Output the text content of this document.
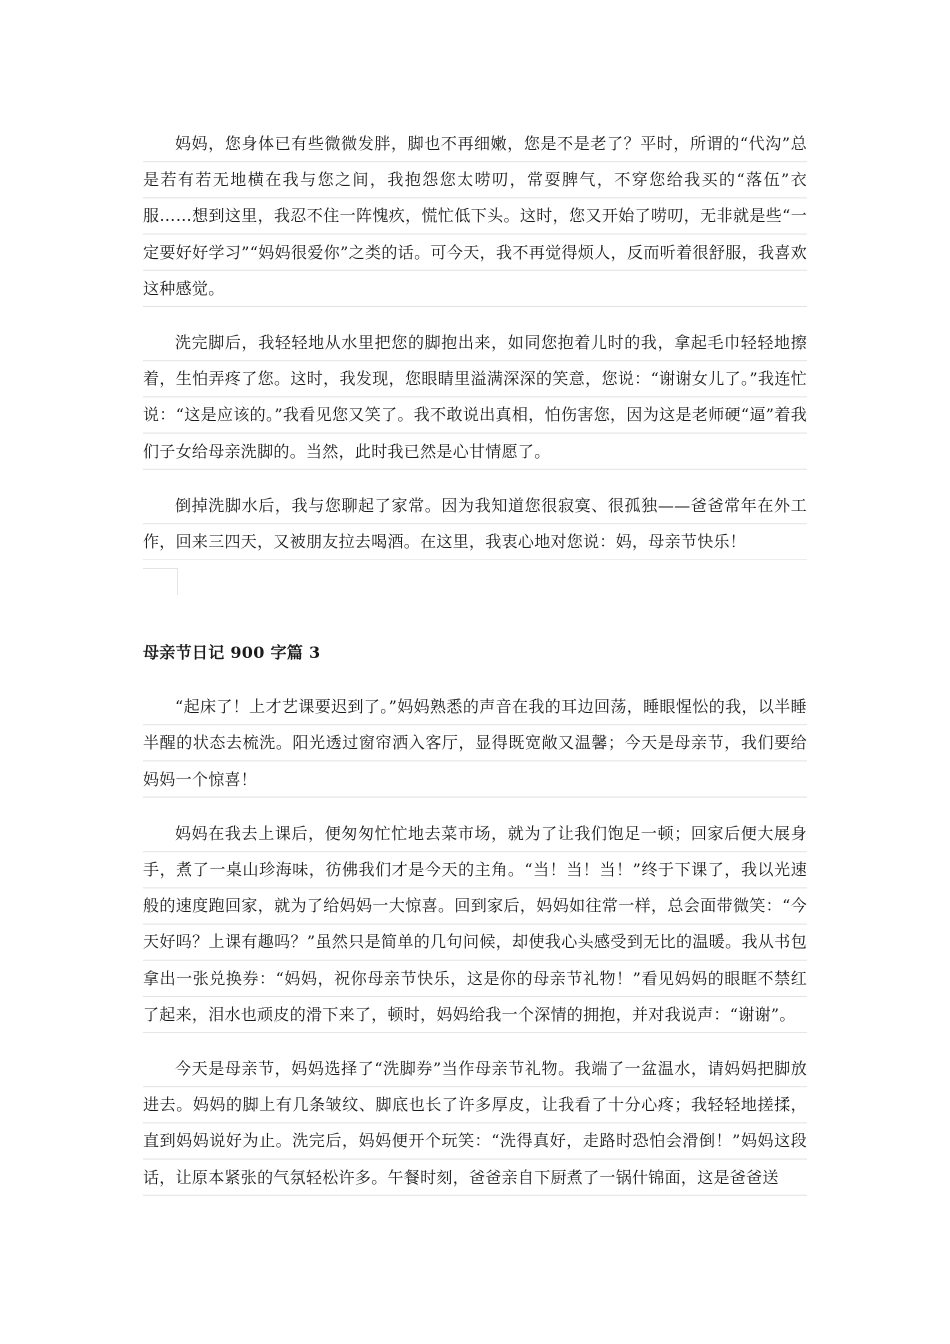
妈妈，您身体已有些微微发胖，脚也不再细嫩，您是不是老了？平时，所谓的“代沟”总是若有若无地横在我与您之间，我抱怨您太唠叨，常耍脾气，不穿您给我买的“落伍”衣服……想到这里，我忍不住一阵愧疚，慌忙低下头。这时，您又开始了唠叨，无非就是些“一定要好好学习”“妈妈很爱你”之类的话。可今天，我不再觉得烦人，反而听着很舒服，我喜欢这种感觉。

洗完脚后，我轻轻地从水里把您的脚抱出来，如同您抱着儿时的我，拿起毛巾轻轻地擦着，生怕弄疼了您。这时，我发现，您眼睛里溢满深深的笑意，您说：“谢谢女儿了。”我连忙说：“这是应该的。”我看见您又笑了。我不敢说出真相，怕伤害您，因为这是老师硬“逼”着我们子女给母亲洗脚的。当然，此时我已然是心甘情愿了。

倒掉洗脚水后，我与您聊起了家常。因为我知道您很寂寞、很孤独——爸爸常年在外工作，回来三四天，又被朋友拉去喝酒。在这里，我衷心地对您说：妈，母亲节快乐！

母亲节日记 900 字篇 3

“起床了！上才艺课要迟到了。”妈妈熟悉的声音在我的耳边回荡，睡眼惺忪的我，以半睡半醒的状态去梳洗。阳光透过窗帘洒入客厅，显得既宽敞又温馨；今天是母亲节，我们要给妈妈一个惊喜！

妈妈在我去上课后，便匆匆忙忙地去菜市场，就为了让我们饱足一顿；回家后便大展身手，煮了一桌山珍海味，彷佛我们才是今天的主角。“当！当！当！”终于下课了，我以光速般的速度跑回家，就为了给妈妈一大惊喜。回到家后，妈妈如往常一样，总会面带微笑：“今天好吗？上课有趣吗？”虽然只是简单的几句问候，却使我心头感受到无比的温暖。我从书包拿出一张兑换券：“妈妈，祝你母亲节快乐，这是你的母亲节礼物！”看见妈妈的眼眶不禁红了起来，泪水也顽皮的滑下来了，顿时，妈妈给我一个深情的拥抱，并对我说声：“谢谢”。

今天是母亲节，妈妈选择了“洗脚券”当作母亲节礼物。我端了一盆温水，请妈妈把脚放进去。妈妈的脚上有几条皱纹、脚底也长了许多厚皮，让我看了十分心疼；我轻轻地搓揉，直到妈妈说好为止。洗完后，妈妈便开个玩笑：“洗得真好，走路时恐怕会滑倒！”妈妈这段话，让原本紧张的气氛轻松许多。午餐时刻，爸爸亲自下厨煮了一锅什锦面，这是爸爸送
